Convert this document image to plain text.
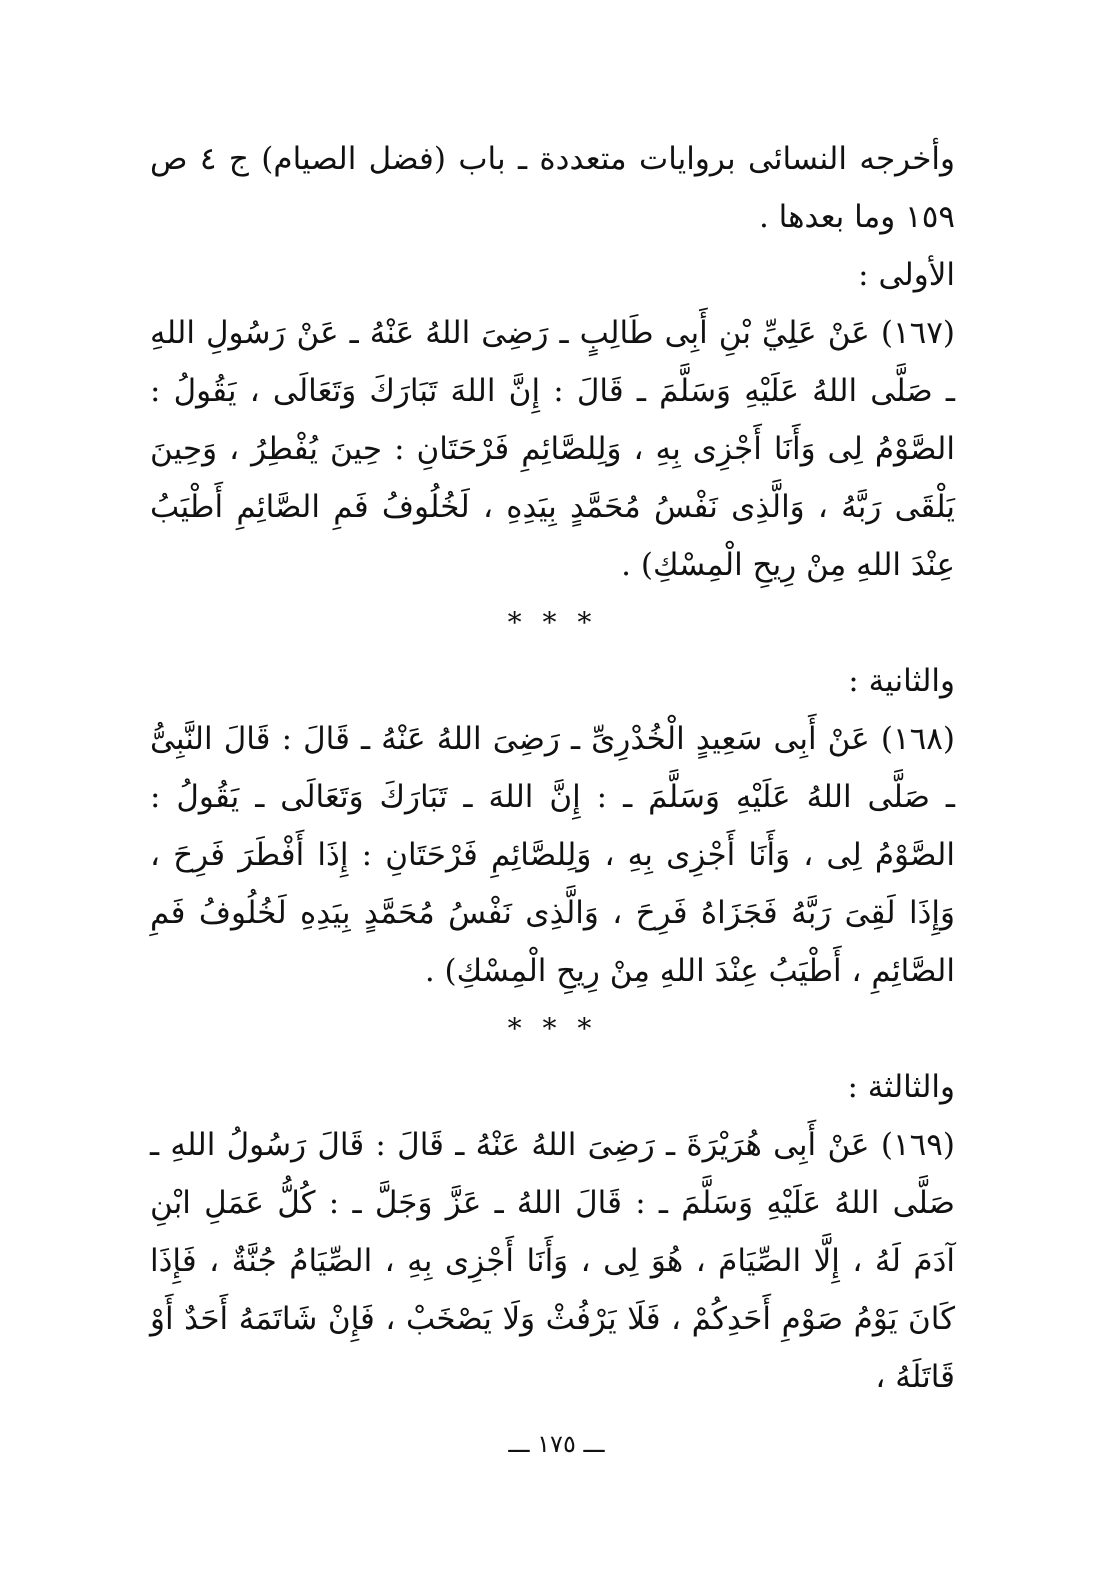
وأخرجه النسائى بروايات متعددة ـ باب (فضل الصيام) ج ٤ ص ١٥٩ وما بعدها .

الأولى :

(١٦٧) عَنْ عَلِيِّ بْنِ أَبِى طَالِبٍ ـ رَضِىَ اللهُ عَنْهُ ـ عَنْ رَسُولِ اللهِ ـ صَلَّى اللهُ عَلَيْهِ وَسَلَّمَ ـ قَالَ : إِنَّ اللهَ تَبَارَكَ وَتَعَالَى ، يَقُولُ : الصَّوْمُ لِى وَأَنَا أَجْزِى بِهِ ، وَلِلصَّائِمِ فَرْحَتَانِ : حِينَ يُفْطِرُ ، وَحِينَ يَلْقَى رَبَّهُ ، وَالَّذِى نَفْسُ مُحَمَّدٍ بِيَدِهِ ، لَخُلُوفُ فَمِ الصَّائِمِ أَطْيَبُ عِنْدَ اللهِ مِنْ رِيحِ الْمِسْكِ) .

* * *

والثانية :

(١٦٨) عَنْ أَبِى سَعِيدٍ الْخُدْرِىِّ ـ رَضِىَ اللهُ عَنْهُ ـ قَالَ : قَالَ النَّبِىُّ ـ صَلَّى اللهُ عَلَيْهِ وَسَلَّمَ ـ : إِنَّ اللهَ ـ تَبَارَكَ وَتَعَالَى ـ يَقُولُ : الصَّوْمُ لِى ، وَأَنَا أَجْزِى بِهِ ، وَلِلصَّائِمِ فَرْحَتَانِ : إِذَا أَفْطَرَ فَرِحَ ، وَإِذَا لَقِىَ رَبَّهُ فَجَزَاهُ فَرِحَ ، وَالَّذِى نَفْسُ مُحَمَّدٍ بِيَدِهِ لَخُلُوفُ فَمِ الصَّائِمِ ، أَطْيَبُ عِنْدَ اللهِ مِنْ رِيحِ الْمِسْكِ) .

* * *

والثالثة :

(١٦٩) عَنْ أَبِى هُرَيْرَةَ ـ رَضِىَ اللهُ عَنْهُ ـ قَالَ : قَالَ رَسُولُ اللهِ ـ صَلَّى اللهُ عَلَيْهِ وَسَلَّمَ ـ : قَالَ اللهُ ـ عَزَّ وَجَلَّ ـ : كُلُّ عَمَلِ ابْنِ آدَمَ لَهُ ، إِلَّا الصِّيَامَ ، هُوَ لِى ، وَأَنَا أَجْزِى بِهِ ، الصِّيَامُ جُنَّةٌ ، فَإِذَا كَانَ يَوْمُ صَوْمِ أَحَدِكُمْ ، فَلَا يَرْفُثْ وَلَا يَصْخَبْ ، فَإِنْ شَاتَمَهُ أَحَدٌ أَوْ قَاتَلَهُ ،

ـــ ١٧٥ ـــ
